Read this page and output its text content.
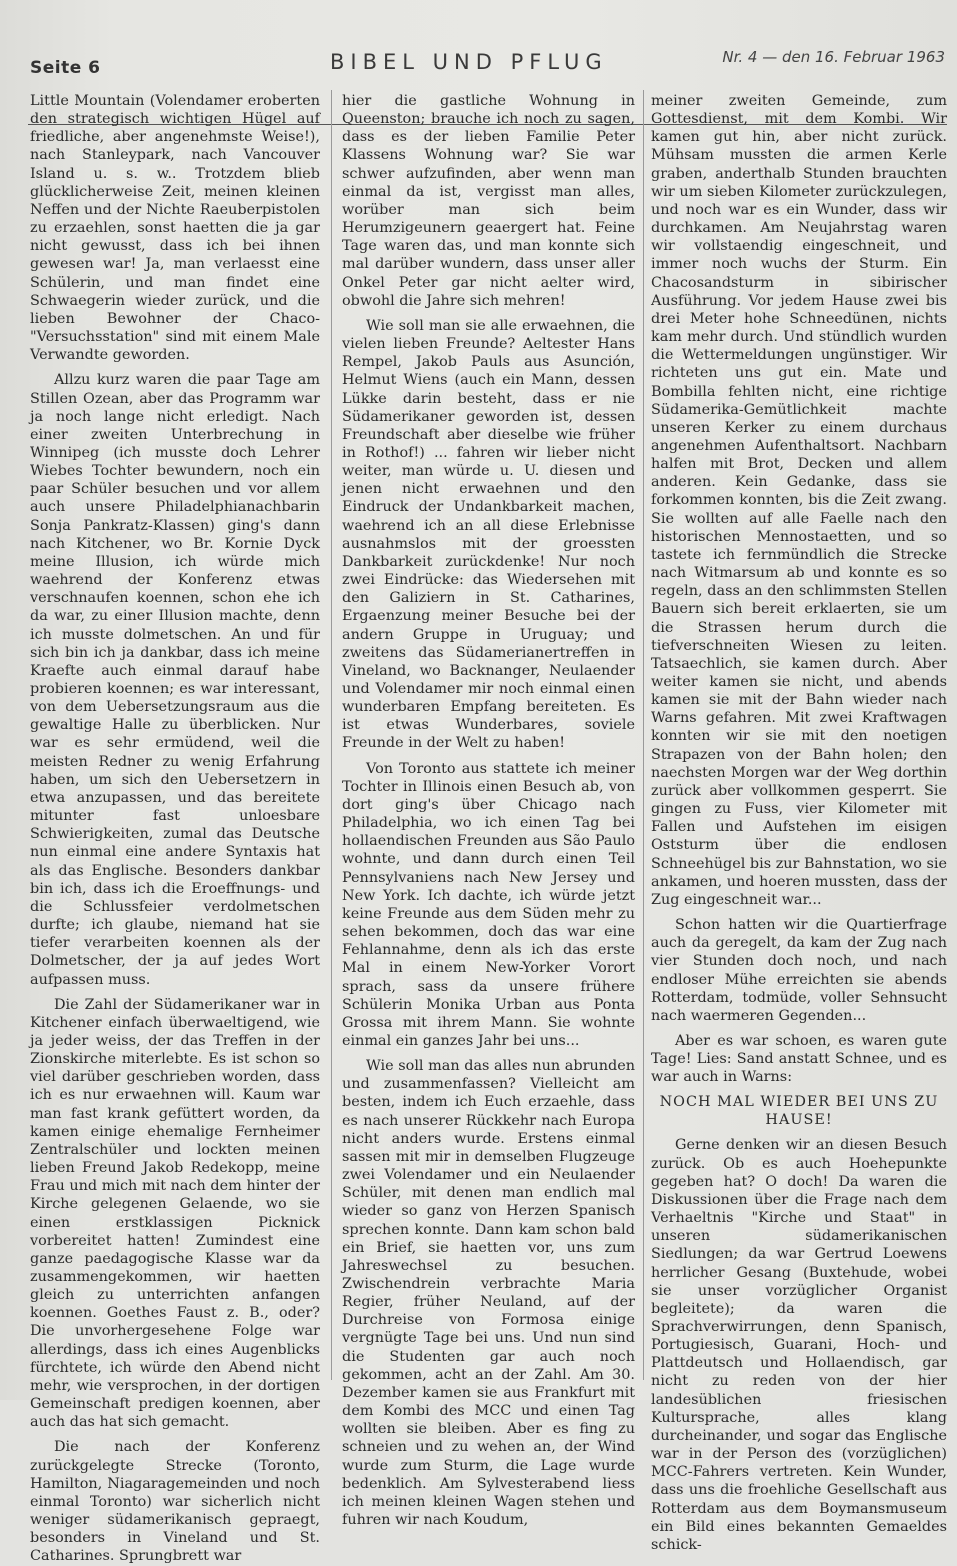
Seite 6	BIBEL UND PFLUG	Nr. 4 — den 16. Februar 1963

Little Mountain (Volendamer eroberten den strategisch wichtigen Hügel auf friedliche, aber angenehmste Weise!), nach Stanleypark, nach Vancouver Island u. s. w.. Trotzdem blieb glücklicherweise Zeit, meinen kleinen Neffen und der Nichte Raeuberpistolen zu erzaehlen, sonst haetten die ja gar nicht gewusst, dass ich bei ihnen gewesen war! Ja, man verlaesst eine Schülerin, und man findet eine Schwaegerin wieder zurück, und die lieben Bewohner der Chaco-"Versuchsstation" sind mit einem Male Verwandte geworden.

Allzu kurz waren die paar Tage am Stillen Ozean, aber das Programm war ja noch lange nicht erledigt. Nach einer zweiten Unterbrechung in Winnipeg (ich musste doch Lehrer Wiebes Tochter bewundern, noch ein paar Schüler besuchen und vor allem auch unsere Philadelphianachbarin Sonja Pankratz-Klassen) ging's dann nach Kitchener, wo Br. Kornie Dyck meine Illusion, ich würde mich waehrend der Konferenz etwas verschnaufen koennen, schon ehe ich da war, zu einer Illusion machte, denn ich musste dolmetschen. An und für sich bin ich ja dankbar, dass ich meine Kraefte auch einmal darauf habe probieren koennen; es war interessant, von dem Uebersetzungsraum aus die gewaltige Halle zu überblicken. Nur war es sehr ermüdend, weil die meisten Redner zu wenig Erfahrung haben, um sich den Uebersetzern in etwa anzupassen, und das bereitete mitunter fast unloesbare Schwierigkeiten, zumal das Deutsche nun einmal eine andere Syntaxis hat als das Englische. Besonders dankbar bin ich, dass ich die Eroeffnungs- und die Schlussfeier verdolmetschen durfte; ich glaube, niemand hat sie tiefer verarbeiten koennen als der Dolmetscher, der ja auf jedes Wort aufpassen muss.

Die Zahl der Südamerikaner war in Kitchener einfach überwaeltigend, wie ja jeder weiss, der das Treffen in der Zionskirche miterlebte. Es ist schon so viel darüber geschrieben worden, dass ich es nur erwaehnen will. Kaum war man fast krank gefüttert worden, da kamen einige ehemalige Fernheimer Zentralschüler und lockten meinen lieben Freund Jakob Redekopp, meine Frau und mich mit nach dem hinter der Kirche gelegenen Gelaende, wo sie einen erstklassigen Picknick vorbereitet hatten! Zumindest eine ganze paedagogische Klasse war da zusammengekommen, wir haetten gleich zu unterrichten anfangen koennen. Goethes Faust z. B., oder? Die unvorhergesehene Folge war allerdings, dass ich eines Augenblicks fürchtete, ich würde den Abend nicht mehr, wie versprochen, in der dortigen Gemeinschaft predigen koennen, aber auch das hat sich gemacht.

Die nach der Konferenz zurückgelegte Strecke (Toronto, Hamilton, Niagaragemeinden und noch einmal Toronto) war sicherlich nicht weniger südamerikanisch gepraegt, besonders in Vineland und St. Catharines. Sprungbrett war

hier die gastliche Wohnung in Queenston; brauche ich noch zu sagen, dass es der lieben Familie Peter Klassens Wohnung war? Sie war schwer aufzufinden, aber wenn man einmal da ist, vergisst man alles, worüber man sich beim Herumzigeunern geaergert hat. Feine Tage waren das, und man konnte sich mal darüber wundern, dass unser aller Onkel Peter gar nicht aelter wird, obwohl die Jahre sich mehren!

Wie soll man sie alle erwaehnen, die vielen lieben Freunde? Aeltester Hans Rempel, Jakob Pauls aus Asunción, Helmut Wiens (auch ein Mann, dessen Lükke darin besteht, dass er nie Südamerikaner geworden ist, dessen Freundschaft aber dieselbe wie früher in Rothof!) ... fahren wir lieber nicht weiter, man würde u. U. diesen und jenen nicht erwaehnen und den Eindruck der Undankbarkeit machen, waehrend ich an all diese Erlebnisse ausnahmslos mit der groessten Dankbarkeit zurückdenke! Nur noch zwei Eindrücke: das Wiedersehen mit den Galiziern in St. Catharines, Ergaenzung meiner Besuche bei der andern Gruppe in Uruguay; und zweitens das Südamerianertreffen in Vineland, wo Backnanger, Neulaender und Volendamer mir noch einmal einen wunderbaren Empfang bereiteten. Es ist etwas Wunderbares, soviele Freunde in der Welt zu haben!

Von Toronto aus stattete ich meiner Tochter in Illinois einen Besuch ab, von dort ging's über Chicago nach Philadelphia, wo ich einen Tag bei hollaendischen Freunden aus São Paulo wohnte, und dann durch einen Teil Pennsylvaniens nach New Jersey und New York. Ich dachte, ich würde jetzt keine Freunde aus dem Süden mehr zu sehen bekommen, doch das war eine Fehlannahme, denn als ich das erste Mal in einem New-Yorker Vorort sprach, sass da unsere frühere Schülerin Monika Urban aus Ponta Grossa mit ihrem Mann. Sie wohnte einmal ein ganzes Jahr bei uns...

Wie soll man das alles nun abrunden und zusammenfassen? Vielleicht am besten, indem ich Euch erzaehle, dass es nach unserer Rückkehr nach Europa nicht anders wurde. Erstens einmal sassen mit mir in demselben Flugzeuge zwei Volendamer und ein Neulaender Schüler, mit denen man endlich mal wieder so ganz von Herzen Spanisch sprechen konnte. Dann kam schon bald ein Brief, sie haetten vor, uns zum Jahreswechsel zu besuchen. Zwischendrein verbrachte Maria Regier, früher Neuland, auf der Durchreise von Formosa einige vergnügte Tage bei uns. Und nun sind die Studenten gar auch noch gekommen, acht an der Zahl. Am 30. Dezember kamen sie aus Frankfurt mit dem Kombi des MCC und einen Tag wollten sie bleiben. Aber es fing zu schneien und zu wehen an, der Wind wurde zum Sturm, die Lage wurde bedenklich. Am Sylvesterabend liess ich meinen kleinen Wagen stehen und fuhren wir nach Koudum,

meiner zweiten Gemeinde, zum Gottesdienst, mit dem Kombi. Wir kamen gut hin, aber nicht zurück. Mühsam mussten die armen Kerle graben, anderthalb Stunden brauchten wir um sieben Kilometer zurückzulegen, und noch war es ein Wunder, dass wir durchkamen. Am Neujahrstag waren wir vollstaendig eingeschneit, und immer noch wuchs der Sturm. Ein Chacosandsturm in sibirischer Ausführung. Vor jedem Hause zwei bis drei Meter hohe Schneedünen, nichts kam mehr durch. Und stündlich wurden die Wettermeldungen ungünstiger. Wir richteten uns gut ein. Mate und Bombilla fehlten nicht, eine richtige Südamerika-Gemütlichkeit machte unseren Kerker zu einem durchaus angenehmen Aufenthaltsort. Nachbarn halfen mit Brot, Decken und allem anderen. Kein Gedanke, dass sie forkommen konnten, bis die Zeit zwang. Sie wollten auf alle Faelle nach den historischen Mennostaetten, und so tastete ich fernmündlich die Strecke nach Witmarsum ab und konnte es so regeln, dass an den schlimmsten Stellen Bauern sich bereit erklaerten, sie um die Strassen herum durch die tiefverschneiten Wiesen zu leiten. Tatsaechlich, sie kamen durch. Aber weiter kamen sie nicht, und abends kamen sie mit der Bahn wieder nach Warns gefahren. Mit zwei Kraftwagen konnten wir sie mit den noetigen Strapazen von der Bahn holen; den naechsten Morgen war der Weg dorthin zurück aber vollkommen gesperrt. Sie gingen zu Fuss, vier Kilometer mit Fallen und Aufstehen im eisigen Oststurm über die endlosen Schneehügel bis zur Bahnstation, wo sie ankamen, und hoeren mussten, dass der Zug eingeschneit war...

Schon hatten wir die Quartierfrage auch da geregelt, da kam der Zug nach vier Stunden doch noch, und nach endloser Mühe erreichten sie abends Rotterdam, todmüde, voller Sehnsucht nach waermeren Gegenden...

Aber es war schoen, es waren gute Tage! Lies: Sand anstatt Schnee, und es war auch in Warns:

NOCH MAL WIEDER BEI UNS ZU HAUSE!

Gerne denken wir an diesen Besuch zurück. Ob es auch Hoehepunkte gegeben hat? O doch! Da waren die Diskussionen über die Frage nach dem Verhaeltnis "Kirche und Staat" in unseren südamerikanischen Siedlungen; da war Gertrud Loewens herrlicher Gesang (Buxtehude, wobei sie unser vorzüglicher Organist begleitete); da waren die Sprachverwirrungen, denn Spanisch, Portugiesisch, Guarani, Hoch- und Plattdeutsch und Hollaendisch, gar nicht zu reden von der hier landesüblichen friesischen Kultursprache, alles klang durcheinander, und sogar das Englische war in der Person des (vorzüglichen) MCC-Fahrers vertreten. Kein Wunder, dass uns die froehliche Gesellschaft aus Rotterdam aus dem Boymansmuseum ein Bild eines bekannten Gemaeldes schick-
